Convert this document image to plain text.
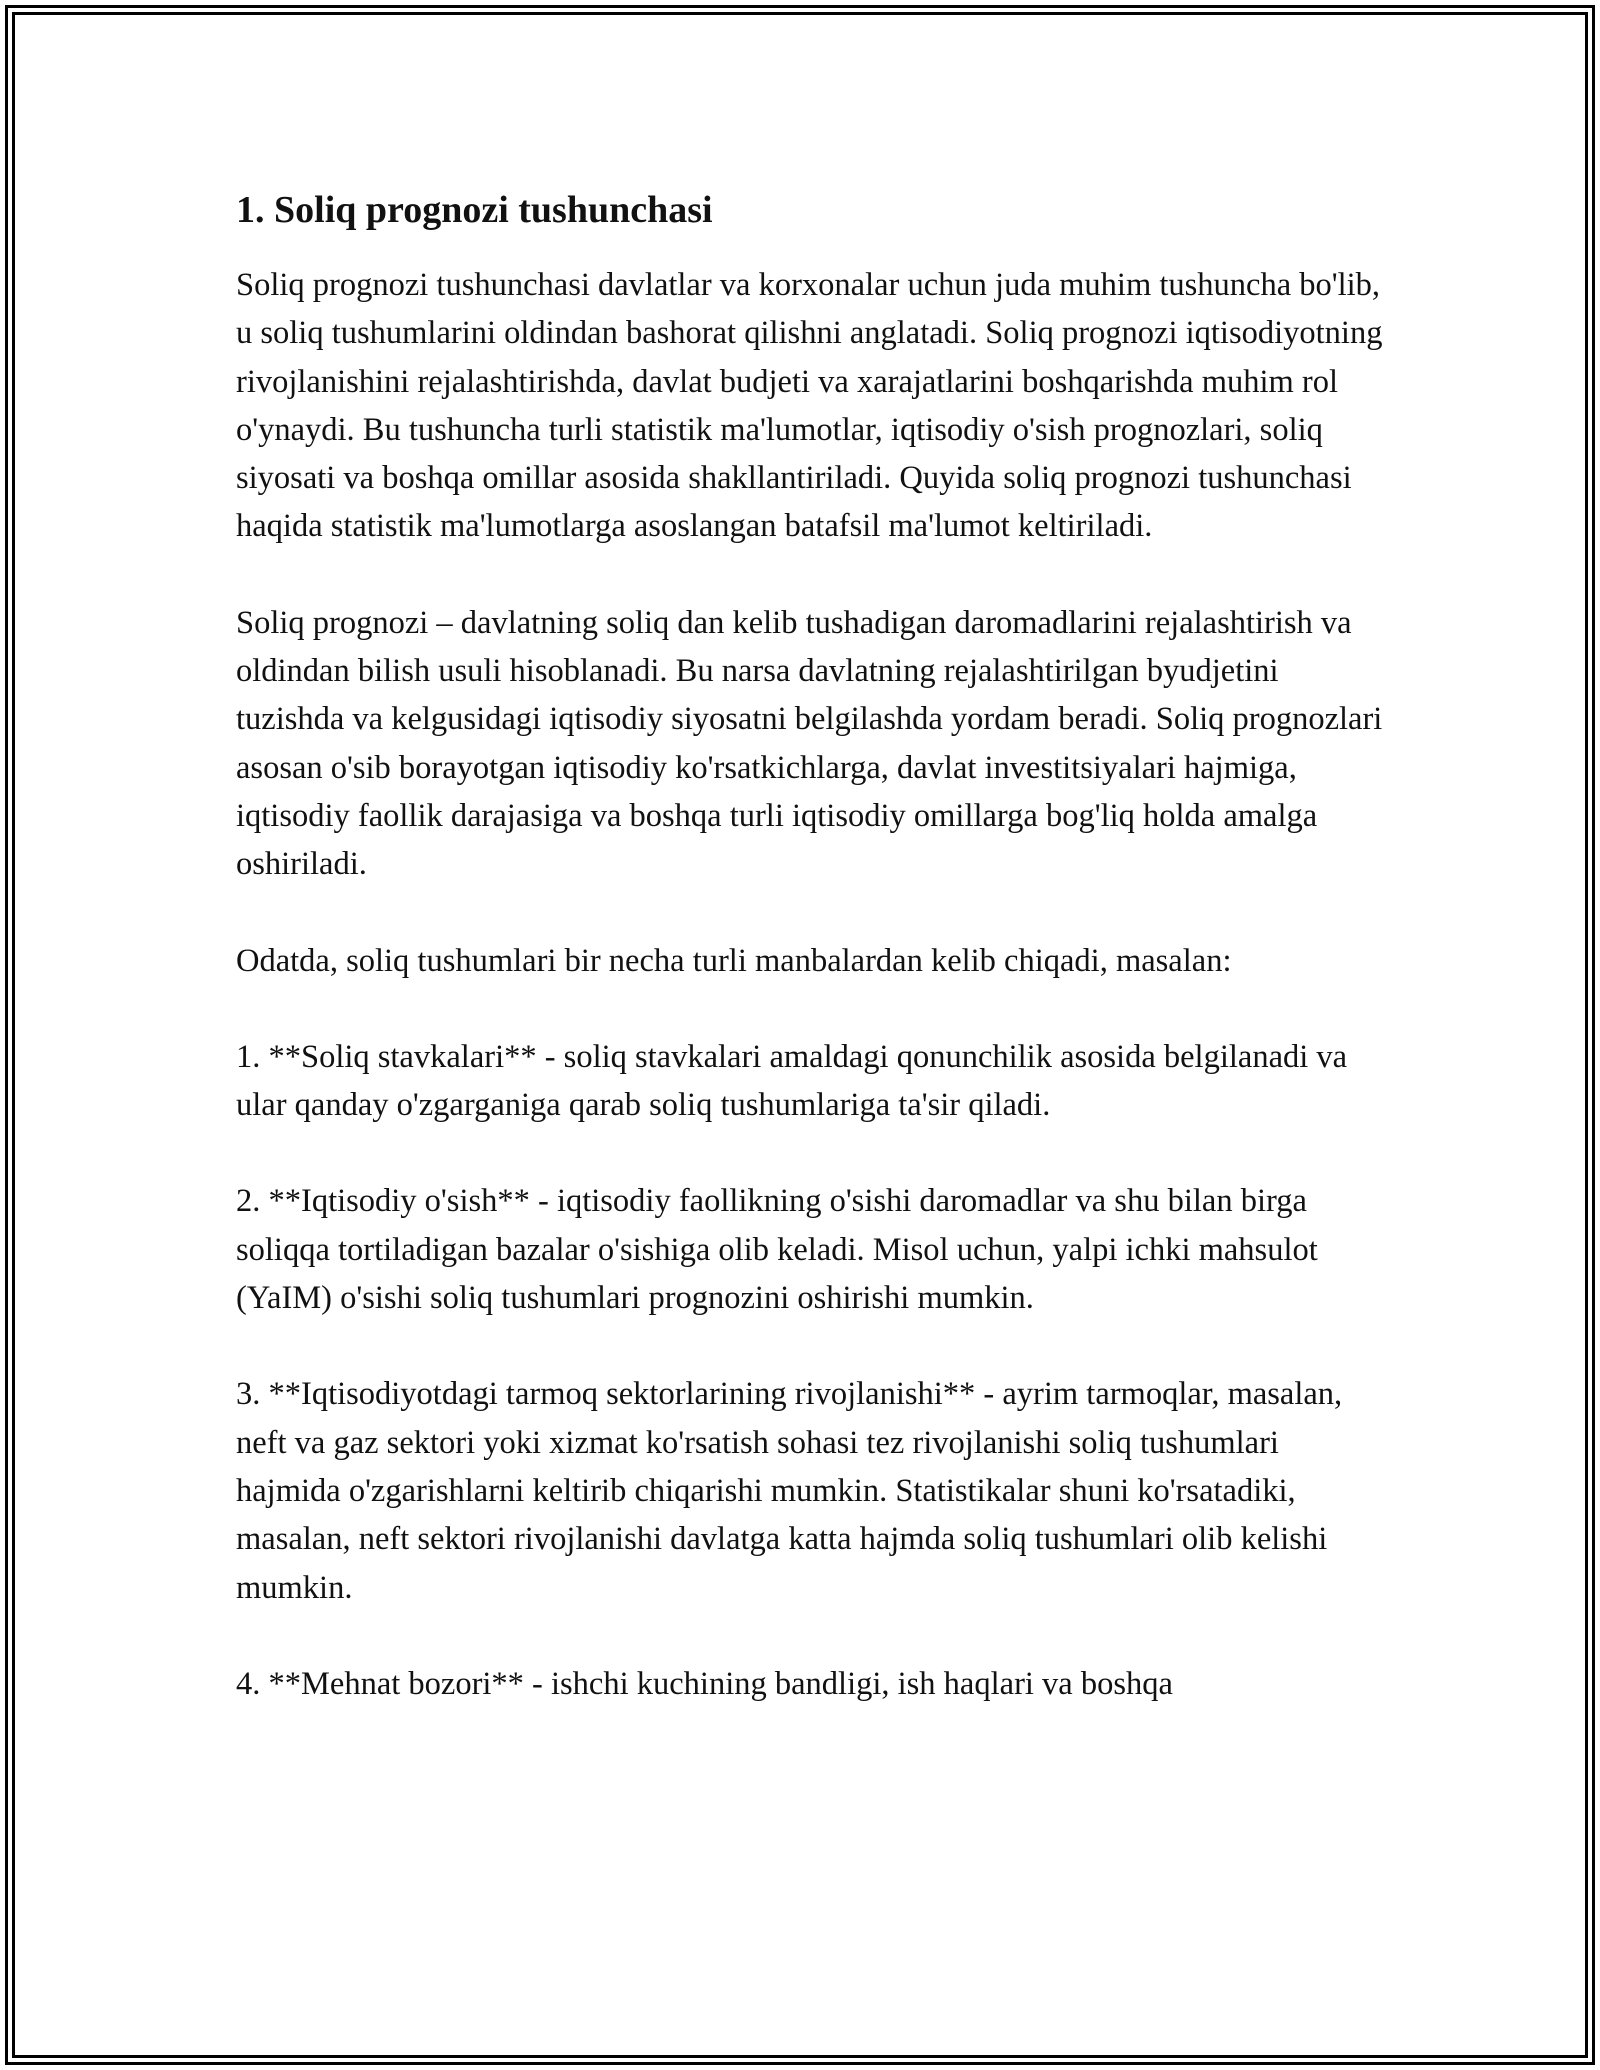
1. Soliq prognozi tushunchasi

Soliq prognozi tushunchasi davlatlar va korxonalar uchun juda muhim tushuncha bo'lib, u soliq tushumlarini oldindan bashorat qilishni anglatadi. Soliq prognozi iqtisodiyotning rivojlanishini rejalashtirishda, davlat budjeti va xarajatlarini boshqarishda muhim rol o'ynaydi. Bu tushuncha turli statistik ma'lumotlar, iqtisodiy o'sish prognozlari, soliq siyosati va boshqa omillar asosida shakllantiriladi. Quyida soliq prognozi tushunchasi haqida statistik ma'lumotlarga asoslangan batafsil ma'lumot keltiriladi.

Soliq prognozi – davlatning soliq dan kelib tushadigan daromadlarini rejalashtirish va oldindan bilish usuli hisoblanadi. Bu narsa davlatning rejalashtirilgan byudjetini tuzishda va kelgusidagi iqtisodiy siyosatni belgilashda yordam beradi. Soliq prognozlari asosan o'sib borayotgan iqtisodiy ko'rsatkichlarga, davlat investitsiyalari hajmiga, iqtisodiy faollik darajasiga va boshqa turli iqtisodiy omillarga bog'liq holda amalga oshiriladi.

Odatda, soliq tushumlari bir necha turli manbalardan kelib chiqadi, masalan:

1. **Soliq stavkalari** - soliq stavkalari amaldagi qonunchilik asosida belgilanadi va ular qanday o'zgarganiga qarab soliq tushumlariga ta'sir qiladi.

2. **Iqtisodiy o'sish** - iqtisodiy faollikning o'sishi daromadlar va shu bilan birga soliqqa tortiladigan bazalar o'sishiga olib keladi. Misol uchun, yalpi ichki mahsulot (YaIM) o'sishi soliq tushumlari prognozini oshirishi mumkin.

3. **Iqtisodiyotdagi tarmoq sektorlarining rivojlanishi** - ayrim tarmoqlar, masalan, neft va gaz sektori yoki xizmat ko'rsatish sohasi tez rivojlanishi soliq tushumlari hajmida o'zgarishlarni keltirib chiqarishi mumkin. Statistikalar shuni ko'rsatadiki, masalan, neft sektori rivojlanishi davlatga katta hajmda soliq tushumlari olib kelishi mumkin.

4. **Mehnat bozori** - ishchi kuchining bandligi, ish haqlari va boshqa
